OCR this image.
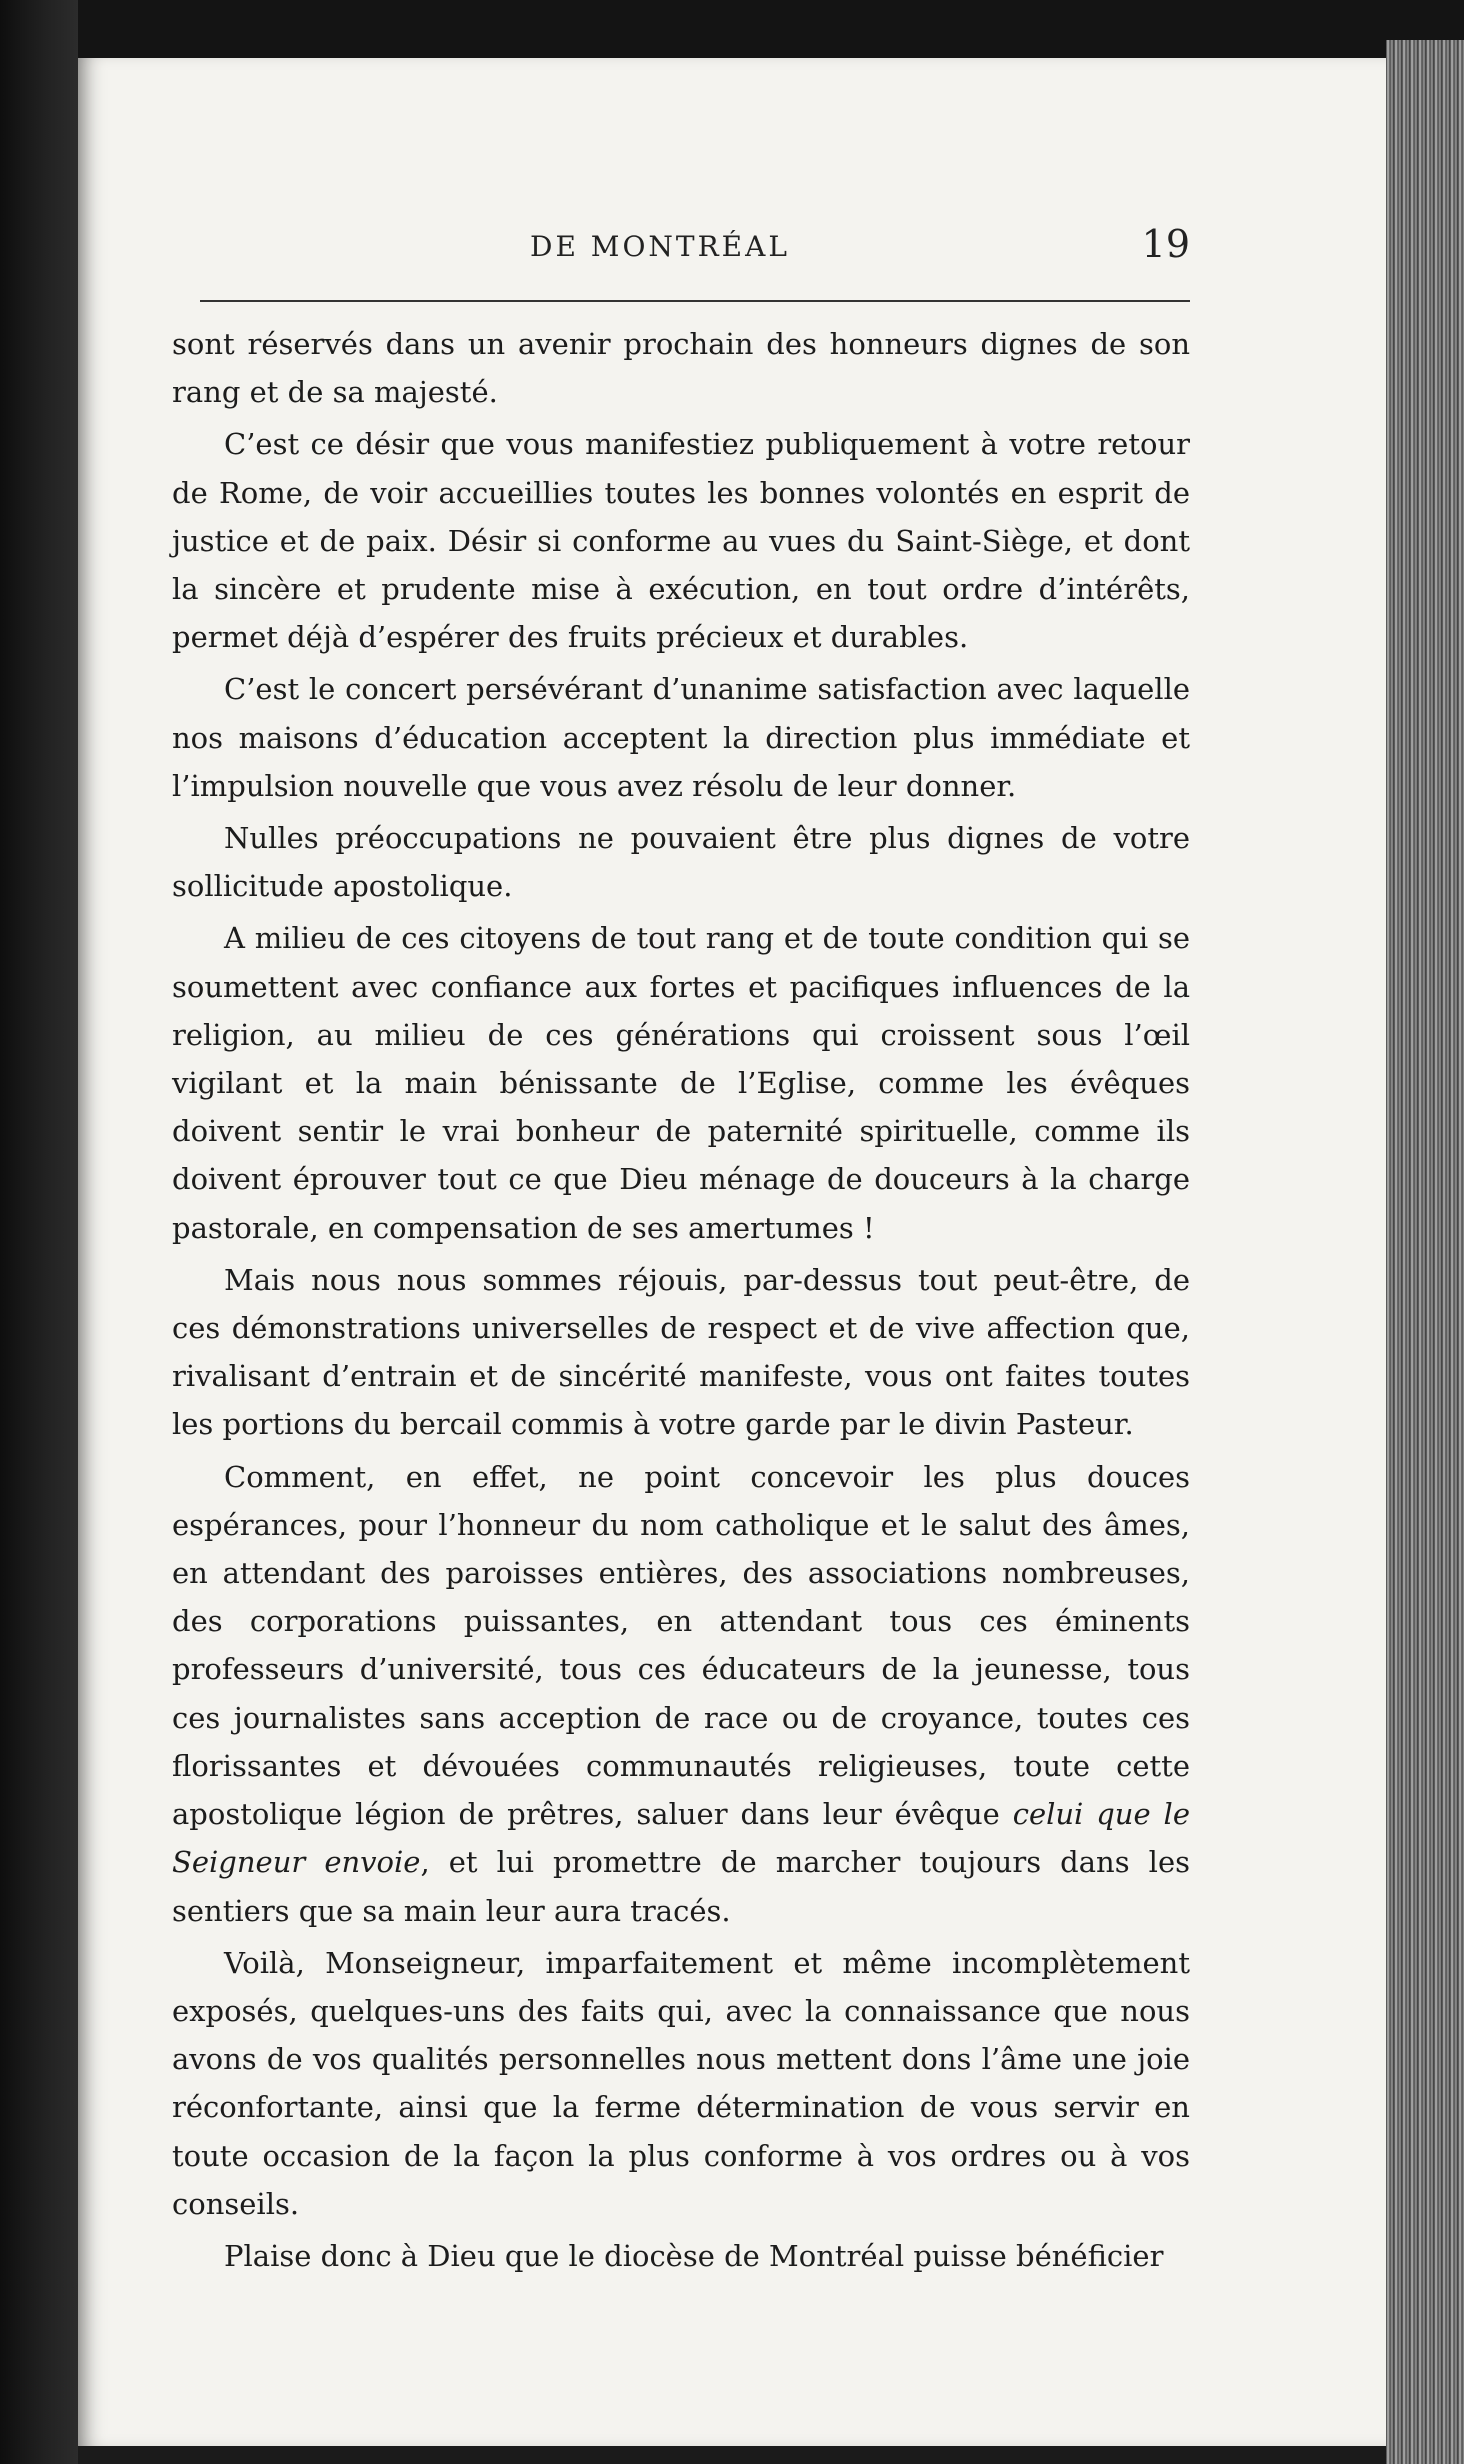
DE MONTRÉAL	19

sont réservés dans un avenir prochain des honneurs dignes de son rang et de sa majesté.

C’est ce désir que vous manifestiez publiquement à votre retour de Rome, de voir accueillies toutes les bonnes volontés en esprit de justice et de paix. Désir si conforme au vues du Saint-Siège, et dont la sincère et prudente mise à exécution, en tout ordre d’intérêts, permet déjà d’espérer des fruits précieux et durables.

C’est le concert persévérant d’unanime satisfaction avec laquelle nos maisons d’éducation acceptent la direction plus immédiate et l’impulsion nouvelle que vous avez résolu de leur donner.

Nulles préoccupations ne pouvaient être plus dignes de votre sollicitude apostolique.

A milieu de ces citoyens de tout rang et de toute condition qui se soumettent avec confiance aux fortes et pacifiques influences de la religion, au milieu de ces générations qui croissent sous l’œil vigilant et la main bénissante de l’Eglise, comme les évêques doivent sentir le vrai bonheur de paternité spirituelle, comme ils doivent éprouver tout ce que Dieu ménage de douceurs à la charge pastorale, en compensation de ses amertumes !

Mais nous nous sommes réjouis, par-dessus tout peut-être, de ces démonstrations universelles de respect et de vive affection que, rivalisant d’entrain et de sincérité manifeste, vous ont faites toutes les portions du bercail commis à votre garde par le divin Pasteur.

Comment, en effet, ne point concevoir les plus douces espérances, pour l’honneur du nom catholique et le salut des âmes, en attendant des paroisses entières, des associations nombreuses, des corporations puissantes, en attendant tous ces éminents professeurs d’université, tous ces éducateurs de la jeunesse, tous ces journalistes sans acception de race ou de croyance, toutes ces florissantes et dévouées communautés religieuses, toute cette apostolique légion de prêtres, saluer dans leur évêque celui que le Seigneur envoie, et lui promettre de marcher toujours dans les sentiers que sa main leur aura tracés.

Voilà, Monseigneur, imparfaitement et même incomplètement exposés, quelques-uns des faits qui, avec la connaissance que nous avons de vos qualités personnelles nous mettent dons l’âme une joie réconfortante, ainsi que la ferme détermination de vous servir en toute occasion de la façon la plus conforme à vos ordres ou à vos conseils.

Plaise donc à Dieu que le diocèse de Montréal puisse bénéficier
